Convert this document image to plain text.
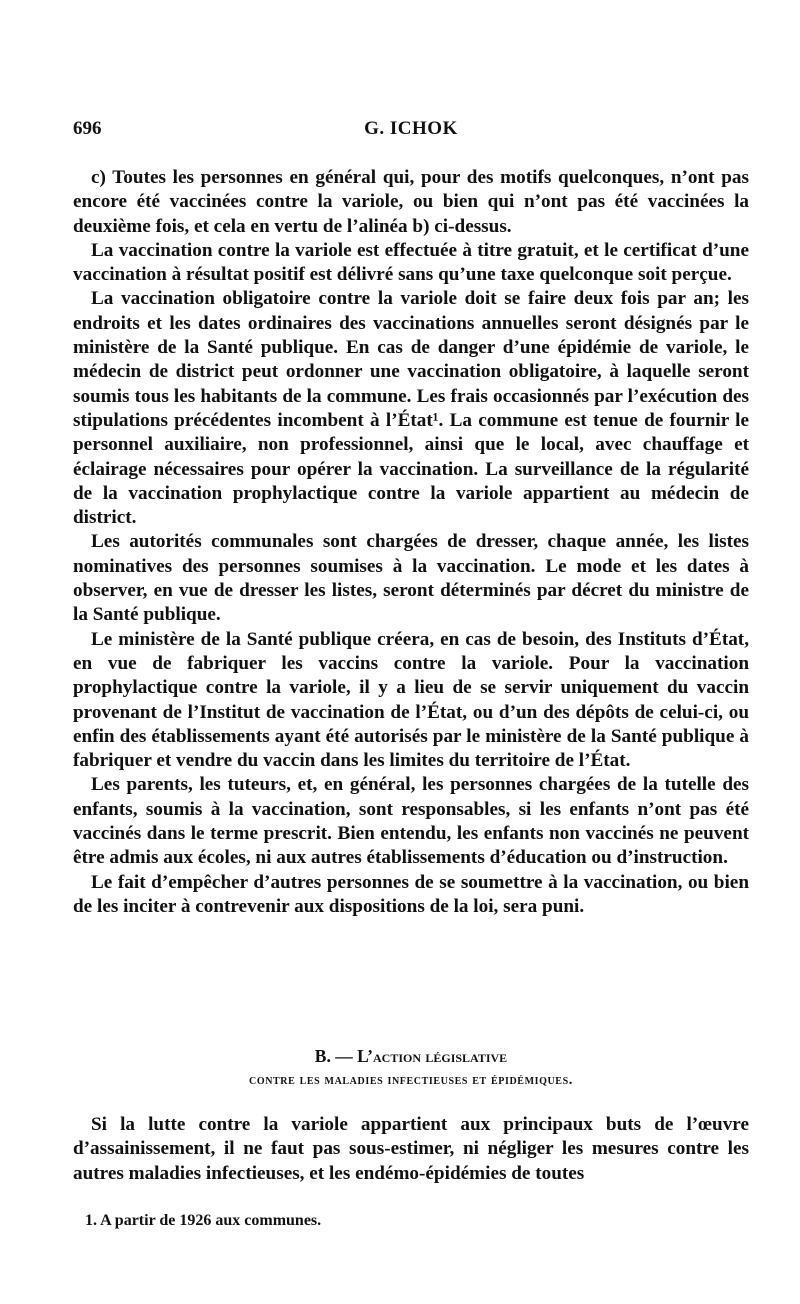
696	G. ICHOK

c) Toutes les personnes en général qui, pour des motifs quelconques, n’ont pas encore été vaccinées contre la variole, ou bien qui n’ont pas été vaccinées la deuxième fois, et cela en vertu de l’alinéa b) ci-dessus.

La vaccination contre la variole est effectuée à titre gratuit, et le certificat d’une vaccination à résultat positif est délivré sans qu’une taxe quelconque soit perçue.

La vaccination obligatoire contre la variole doit se faire deux fois par an; les endroits et les dates ordinaires des vaccinations annuelles seront désignés par le ministère de la Santé publique. En cas de danger d’une épidémie de variole, le médecin de district peut ordonner une vaccination obligatoire, à laquelle seront soumis tous les habitants de la commune. Les frais occasionnés par l’exécution des stipulations précédentes incombent à l’État¹. La commune est tenue de fournir le personnel auxiliaire, non professionnel, ainsi que le local, avec chauffage et éclairage nécessaires pour opérer la vaccination. La surveillance de la régularité de la vaccination prophylactique contre la variole appartient au médecin de district.

Les autorités communales sont chargées de dresser, chaque année, les listes nominatives des personnes soumises à la vaccination. Le mode et les dates à observer, en vue de dresser les listes, seront déterminés par décret du ministre de la Santé publique.

Le ministère de la Santé publique créera, en cas de besoin, des Instituts d’État, en vue de fabriquer les vaccins contre la variole. Pour la vaccination prophylactique contre la variole, il y a lieu de se servir uniquement du vaccin provenant de l’Institut de vaccination de l’État, ou d’un des dépôts de celui-ci, ou enfin des établissements ayant été autorisés par le ministère de la Santé publique à fabriquer et vendre du vaccin dans les limites du territoire de l’État.

Les parents, les tuteurs, et, en général, les personnes chargées de la tutelle des enfants, soumis à la vaccination, sont responsables, si les enfants n’ont pas été vaccinés dans le terme prescrit. Bien entendu, les enfants non vaccinés ne peuvent être admis aux écoles, ni aux autres établissements d’éducation ou d’instruction.

Le fait d’empêcher d’autres personnes de se soumettre à la vaccination, ou bien de les inciter à contrevenir aux dispositions de la loi, sera puni.

B. — L’action législative
contre les maladies infectieuses et épidémiques.

Si la lutte contre la variole appartient aux principaux buts de l’œuvre d’assainissement, il ne faut pas sous-estimer, ni négliger les mesures contre les autres maladies infectieuses, et les endémo-épidémies de toutes

1. A partir de 1926 aux communes.
